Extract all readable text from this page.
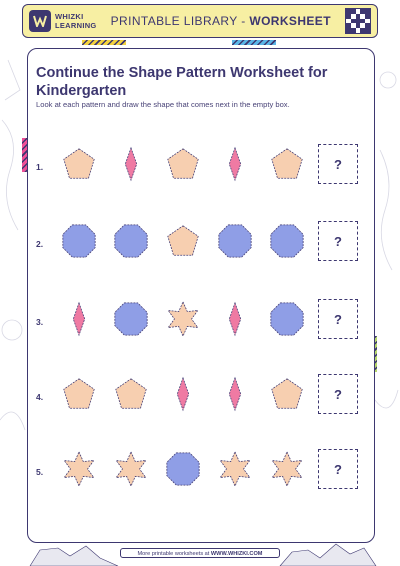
WHIZKI
LEARNING	PRINTABLE LIBRARY - WORKSHEET
Continue the Shape Pattern Worksheet for Kindergarten
Look at each pattern and draw the shape that comes next in the empty box.
1.	?
2.	?
3.	?
4.	?
5.	?
More printable worksheets at WWW.WHIZKI.COM
